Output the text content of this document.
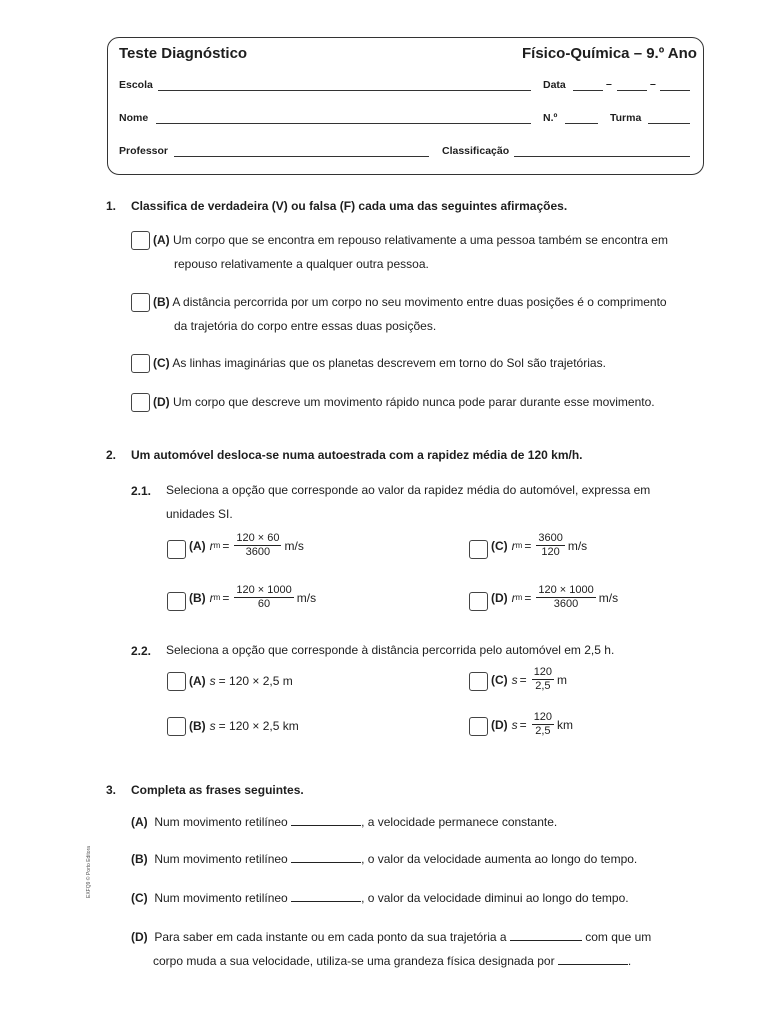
Teste Diagnóstico	Físico-Química – 9.º Ano
Escola	Data	–	–
Nome	N.º	Turma
Professor	Classificação
1. Classifica de verdadeira (V) ou falsa (F) cada uma das seguintes afirmações.
(A) Um corpo que se encontra em repouso relativamente a uma pessoa também se encontra em
repouso relativamente a qualquer outra pessoa.
(B) A distância percorrida por um corpo no seu movimento entre duas posições é o comprimento
da trajetória do corpo entre essas duas posições.
(C) As linhas imaginárias que os planetas descrevem em torno do Sol são trajetórias.
(D) Um corpo que descreve um movimento rápido nunca pode parar durante esse movimento.
2. Um automóvel desloca-se numa autoestrada com a rapidez média de 120 km/h.
2.1. Seleciona a opção que corresponde ao valor da rapidez média do automóvel, expressa em
unidades SI.
(A) r $m = \frac{120 \times 60}{3600} m/s$	(C) r $m = \frac{3600}{120} m/s$
(B) r $m = \frac{120 \times 1000}{60} m/s$	(D) r $m = \frac{120 \times 1000}{3600} m/s$
2.2. Seleciona a opção que corresponde à distância percorrida pelo automóvel em 2,5 h.
(A) s = 120 × 2,5 m	(C) $s = \frac{120}{2,5}$ m
(B) s = 120 × 2,5 km	(D) $s = \frac{120}{2,5}$ km
3. Completa as frases seguintes.
(A) Num movimento retilíneo	, a velocidade permanece constante.
(B) Num movimento retilíneo	, o valor da velocidade aumenta ao longo do tempo.
(C) Num movimento retilíneo	, o valor da velocidade diminui ao longo do tempo.
(D) Para saber em cada instante ou em cada ponto da sua trajetória a	com que um
corpo muda a sua velocidade, utiliza-se uma grandeza física designada por	.
EXFQ9 © Porto Editora
